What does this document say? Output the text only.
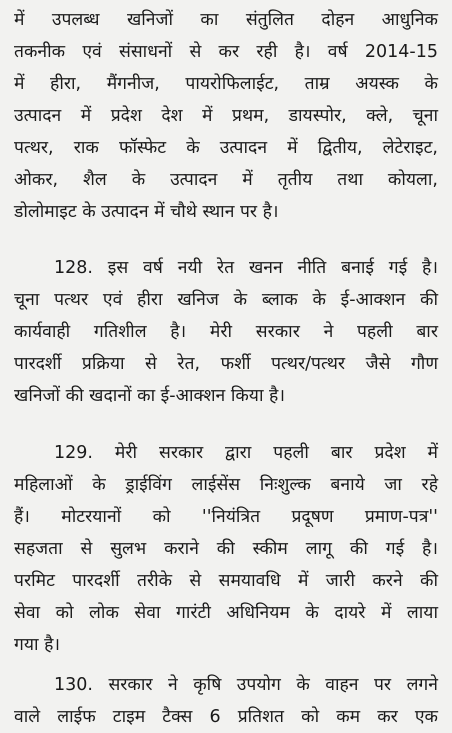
में उपलब्ध खनिजों का संतुलित दोहन आधुनिक
तकनीक एवं संसाधनों से कर रही है। वर्ष 2014-15
में हीरा, मैंगनीज, पायरोफिलाईट, ताम्र अयस्क के
उत्पादन में प्रदेश देश में प्रथम, डायस्पोर, क्ले, चूना
पत्थर, राक फॉस्फेट के उत्पादन में द्वितीय, लेटेराइट,
ओकर, शैल के उत्पादन में तृतीय तथा कोयला,
डोलोमाइट के उत्पादन में चौथे स्थान पर है।
128. इस वर्ष नयी रेत खनन नीति बनाई गई है।
चूना पत्थर एवं हीरा खनिज के ब्लाक के ई-आक्शन की
कार्यवाही गतिशील है। मेरी सरकार ने पहली बार
पारदर्शी प्रक्रिया से रेत, फर्शी पत्थर/पत्थर जैसे गौण
खनिजों की खदानों का ई-आक्शन किया है।
129. मेरी सरकार द्वारा पहली बार प्रदेश में
महिलाओं के ड्राईविंग लाईसेंस निःशुल्क बनाये जा रहे
हैं। मोटरयानों को ''नियंत्रित प्रदूषण प्रमाण-पत्र''
सहजता से सुलभ कराने की स्कीम लागू की गई है।
परमिट पारदर्शी तरीके से समयावधि में जारी करने की
सेवा को लोक सेवा गारंटी अधिनियम के दायरे में लाया
गया है।
130. सरकार ने कृषि उपयोग के वाहन पर लगने
वाले लाईफ टाइम टैक्स 6 प्रतिशत को कम कर एक
